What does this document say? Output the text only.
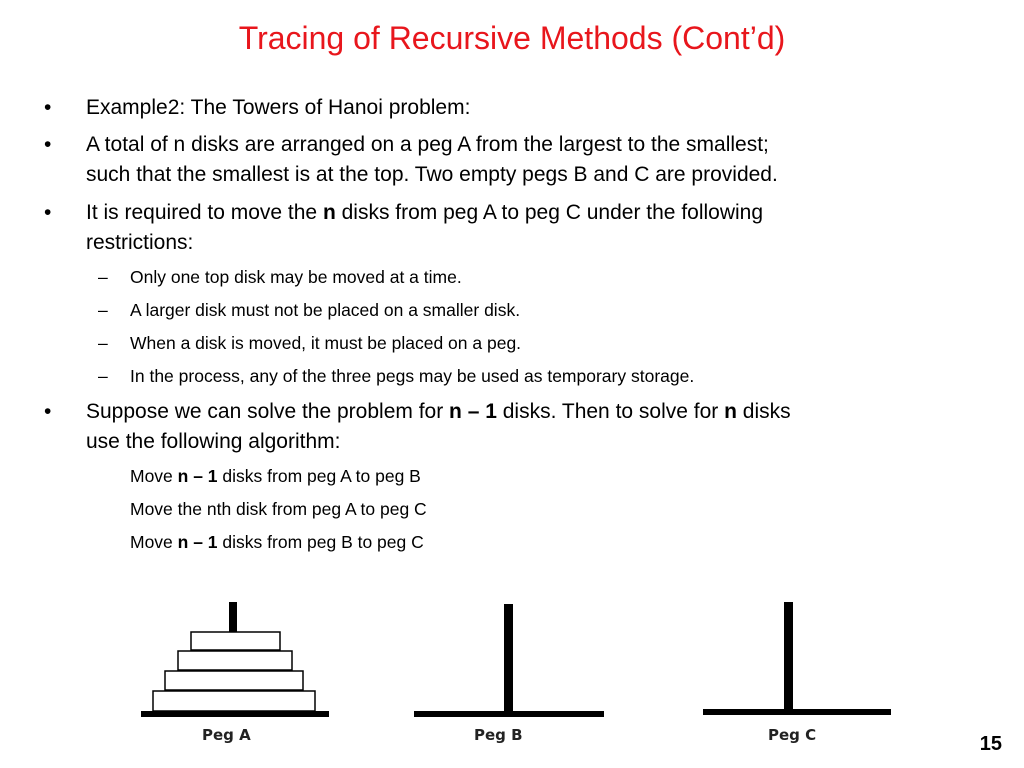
Tracing of Recursive Methods (Cont’d)
• Example2: The Towers of Hanoi problem:
• A total of n disks are arranged on a peg A from the largest to the smallest;
such that the smallest is at the top. Two empty pegs B and C are provided.
• It is required to move the n disks from peg A to peg C under the following
restrictions:
– Only one top disk may be moved at a time.
– A larger disk must not be placed on a smaller disk.
– When a disk is moved, it must be placed on a peg.
– In the process, any of the three pegs may be used as temporary storage.
• Suppose we can solve the problem for n – 1 disks. Then to solve for n disks
use the following algorithm:
Move n – 1 disks from peg A to peg B
Move the nth disk from peg A to peg C
Move n – 1 disks from peg B to peg C
Peg A	Peg B	Peg C	15
